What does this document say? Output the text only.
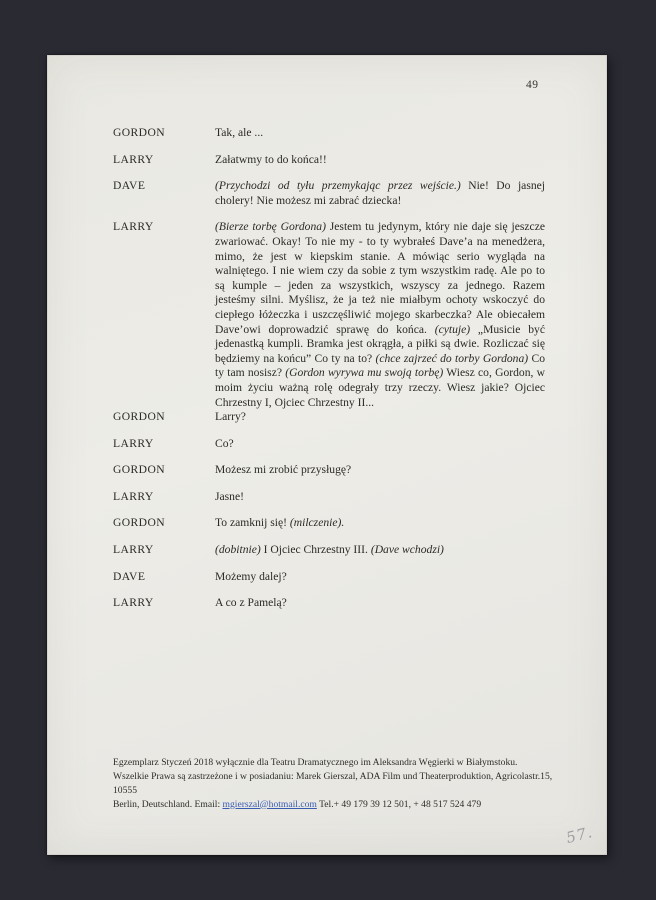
49
GORDON	Tak, ale ...
LARRY	Załatwmy to do końca!!
DAVE	(Przychodzi od tyłu przemykając przez wejście.) Nie! Do jasnej cholery! Nie możesz mi zabrać dziecka!
LARRY	(Bierze torbę Gordona) Jestem tu jedynym, który nie daje się jeszcze zwariować. Okay! To nie my - to ty wybrałeś Dave’a na menedżera, mimo, że jest w kiepskim stanie. A mówiąc serio wygląda na walniętego. I nie wiem czy da sobie z tym wszystkim radę. Ale po to są kumple – jeden za wszystkich, wszyscy za jednego. Razem jesteśmy silni. Myślisz, że ja też nie miałbym ochoty wskoczyć do ciepłego łóżeczka i uszczęśliwić mojego skarbeczka? Ale obiecałem Dave’owi doprowadzić sprawę do końca. (cytuje) „Musicie być jedenastką kumpli. Bramka jest okrągła, a piłki są dwie. Rozliczać się będziemy na końcu” Co ty na to? (chce zajrzeć do torby Gordona) Co ty tam nosisz? (Gordon wyrywa mu swoją torbę) Wiesz co, Gordon, w moim życiu ważną rolę odegrały trzy rzeczy. Wiesz jakie? Ojciec Chrzestny I, Ojciec Chrzestny II...
GORDON	Larry?
LARRY	Co?
GORDON	Możesz mi zrobić przysługę?
LARRY	Jasne!
GORDON	To zamknij się! (milczenie).
LARRY	(dobitnie) I Ojciec Chrzestny III. (Dave wchodzi)
DAVE	Możemy dalej?
LARRY	A co z Pamelą?
Egzemplarz Styczeń 2018 wyłącznie dla Teatru Dramatycznego im Aleksandra Węgierki w Białymstoku.
Wszelkie Prawa są zastrzeżone i w posiadaniu: Marek Gierszal, ADA Film und Theaterproduktion, Agricolastr.15, 10555
Berlin, Deutschland. Email: mgierszal@hotmail.com Tel.+ 49 179 39 12 501, + 48 517 524 479
57.
